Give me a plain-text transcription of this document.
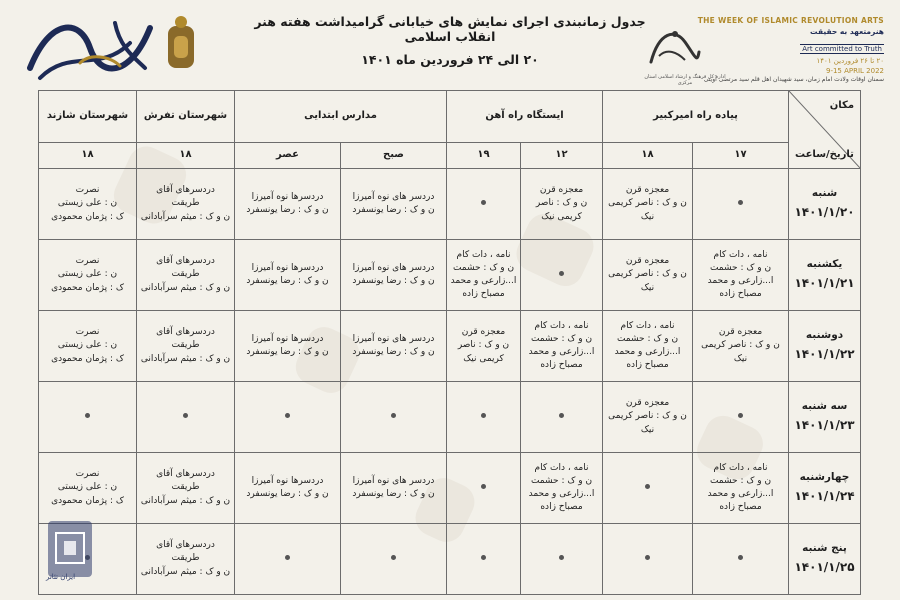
جدول زمانبندی اجرای نمایش های خیابانی گرامیداشت هفته هنر انقلاب اسلامی
۲۰ الی ۲۴ فروردین ماه ۱۴۰۱
THE WEEK OF ISLAMIC REVOLUTION ARTS
هنرمتعهد به حقیقت
Art committed to Truth
۲۰ تا ۲۶ فروردین ۱۴۰۱
9-15 APRIL 2022
سمنان اوقات ولادت امام زمان، سید شهیدان اهل قلم سید مرتضی آوینی
اداره کل فرهنگ و ارشاد اسلامی استان مرکزی
مکان
تاریخ/ساعت	پیاده راه امیرکبیر		ایستگاه راه آهن		مدارس ابتدایی		شهرستان تفرش	شهرستان شازند
	۱۷	۱۸	۱۲	۱۹	صبح	عصر	۱۸	۱۸

شنبه
۱۴۰۱/۱/۲۰		معجزه قرن
ن و ک : ناصر کریمی
نیک	معجزه قرن
ن و ک : ناصر
کریمی نیک		دردسر های نوه آمیرزا
ن و ک : رضا یونسفرد	دردسرها نوه آمیرزا
ن و ک : رضا یونسفرد	دردسرهای آقای
طریقت
ن و ک : میثم سرآبادانی	نصرت
ن : علی زیستی
ک : پژمان محمودی

یکشنبه
۱۴۰۱/۱/۲۱	نامه ، دات کام
ن و ک : حشمت
ا...زارعی و محمد
مصباح زاده	معجزه قرن
ن و ک : ناصر کریمی
نیک		نامه ، دات کام
ن و ک : حشمت
ا...زارعی و محمد
مصباح زاده	دردسر های نوه آمیرزا
ن و ک : رضا یونسفرد	دردسرها نوه آمیرزا
ن و ک : رضا یونسفرد	دردسرهای آقای
طریقت
ن و ک : میثم سرآبادانی	نصرت
ن : علی زیستی
ک : پژمان محمودی

دوشنبه
۱۴۰۱/۱/۲۲	معجزه قرن
ن و ک : ناصر کریمی
نیک	نامه ، دات کام
ن و ک : حشمت
ا...زارعی و محمد
مصباح زاده	نامه ، دات کام
ن و ک : حشمت
ا...زارعی و محمد
مصباح زاده	معجزه قرن
ن و ک : ناصر
کریمی نیک	دردسر های نوه آمیرزا
ن و ک : رضا یونسفرد	دردسرها نوه آمیرزا
ن و ک : رضا یونسفرد	دردسرهای آقای
طریقت
ن و ک : میثم سرآبادانی	نصرت
ن : علی زیستی
ک : پژمان محمودی

سه شنبه
۱۴۰۱/۱/۲۳		معجزه قرن
ن و ک : ناصر کریمی
نیک						

چهارشنبه
۱۴۰۱/۱/۲۴	نامه ، دات کام
ن و ک : حشمت
ا...زارعی و محمد
مصباح زاده		نامه ، دات کام
ن و ک : حشمت
ا...زارعی و محمد
مصباح زاده		دردسر های نوه آمیرزا
ن و ک : رضا یونسفرد	دردسرها نوه آمیرزا
ن و ک : رضا یونسفرد	دردسرهای آقای
طریقت
ن و ک : میثم سرآبادانی	نصرت
ن : علی زیستی
ک : پژمان محمودی

پنج شنبه
۱۴۰۱/۱/۲۵							دردسرهای آقای
طریقت
ن و ک : میثم سرآبادانی	

ایران تئاتر
